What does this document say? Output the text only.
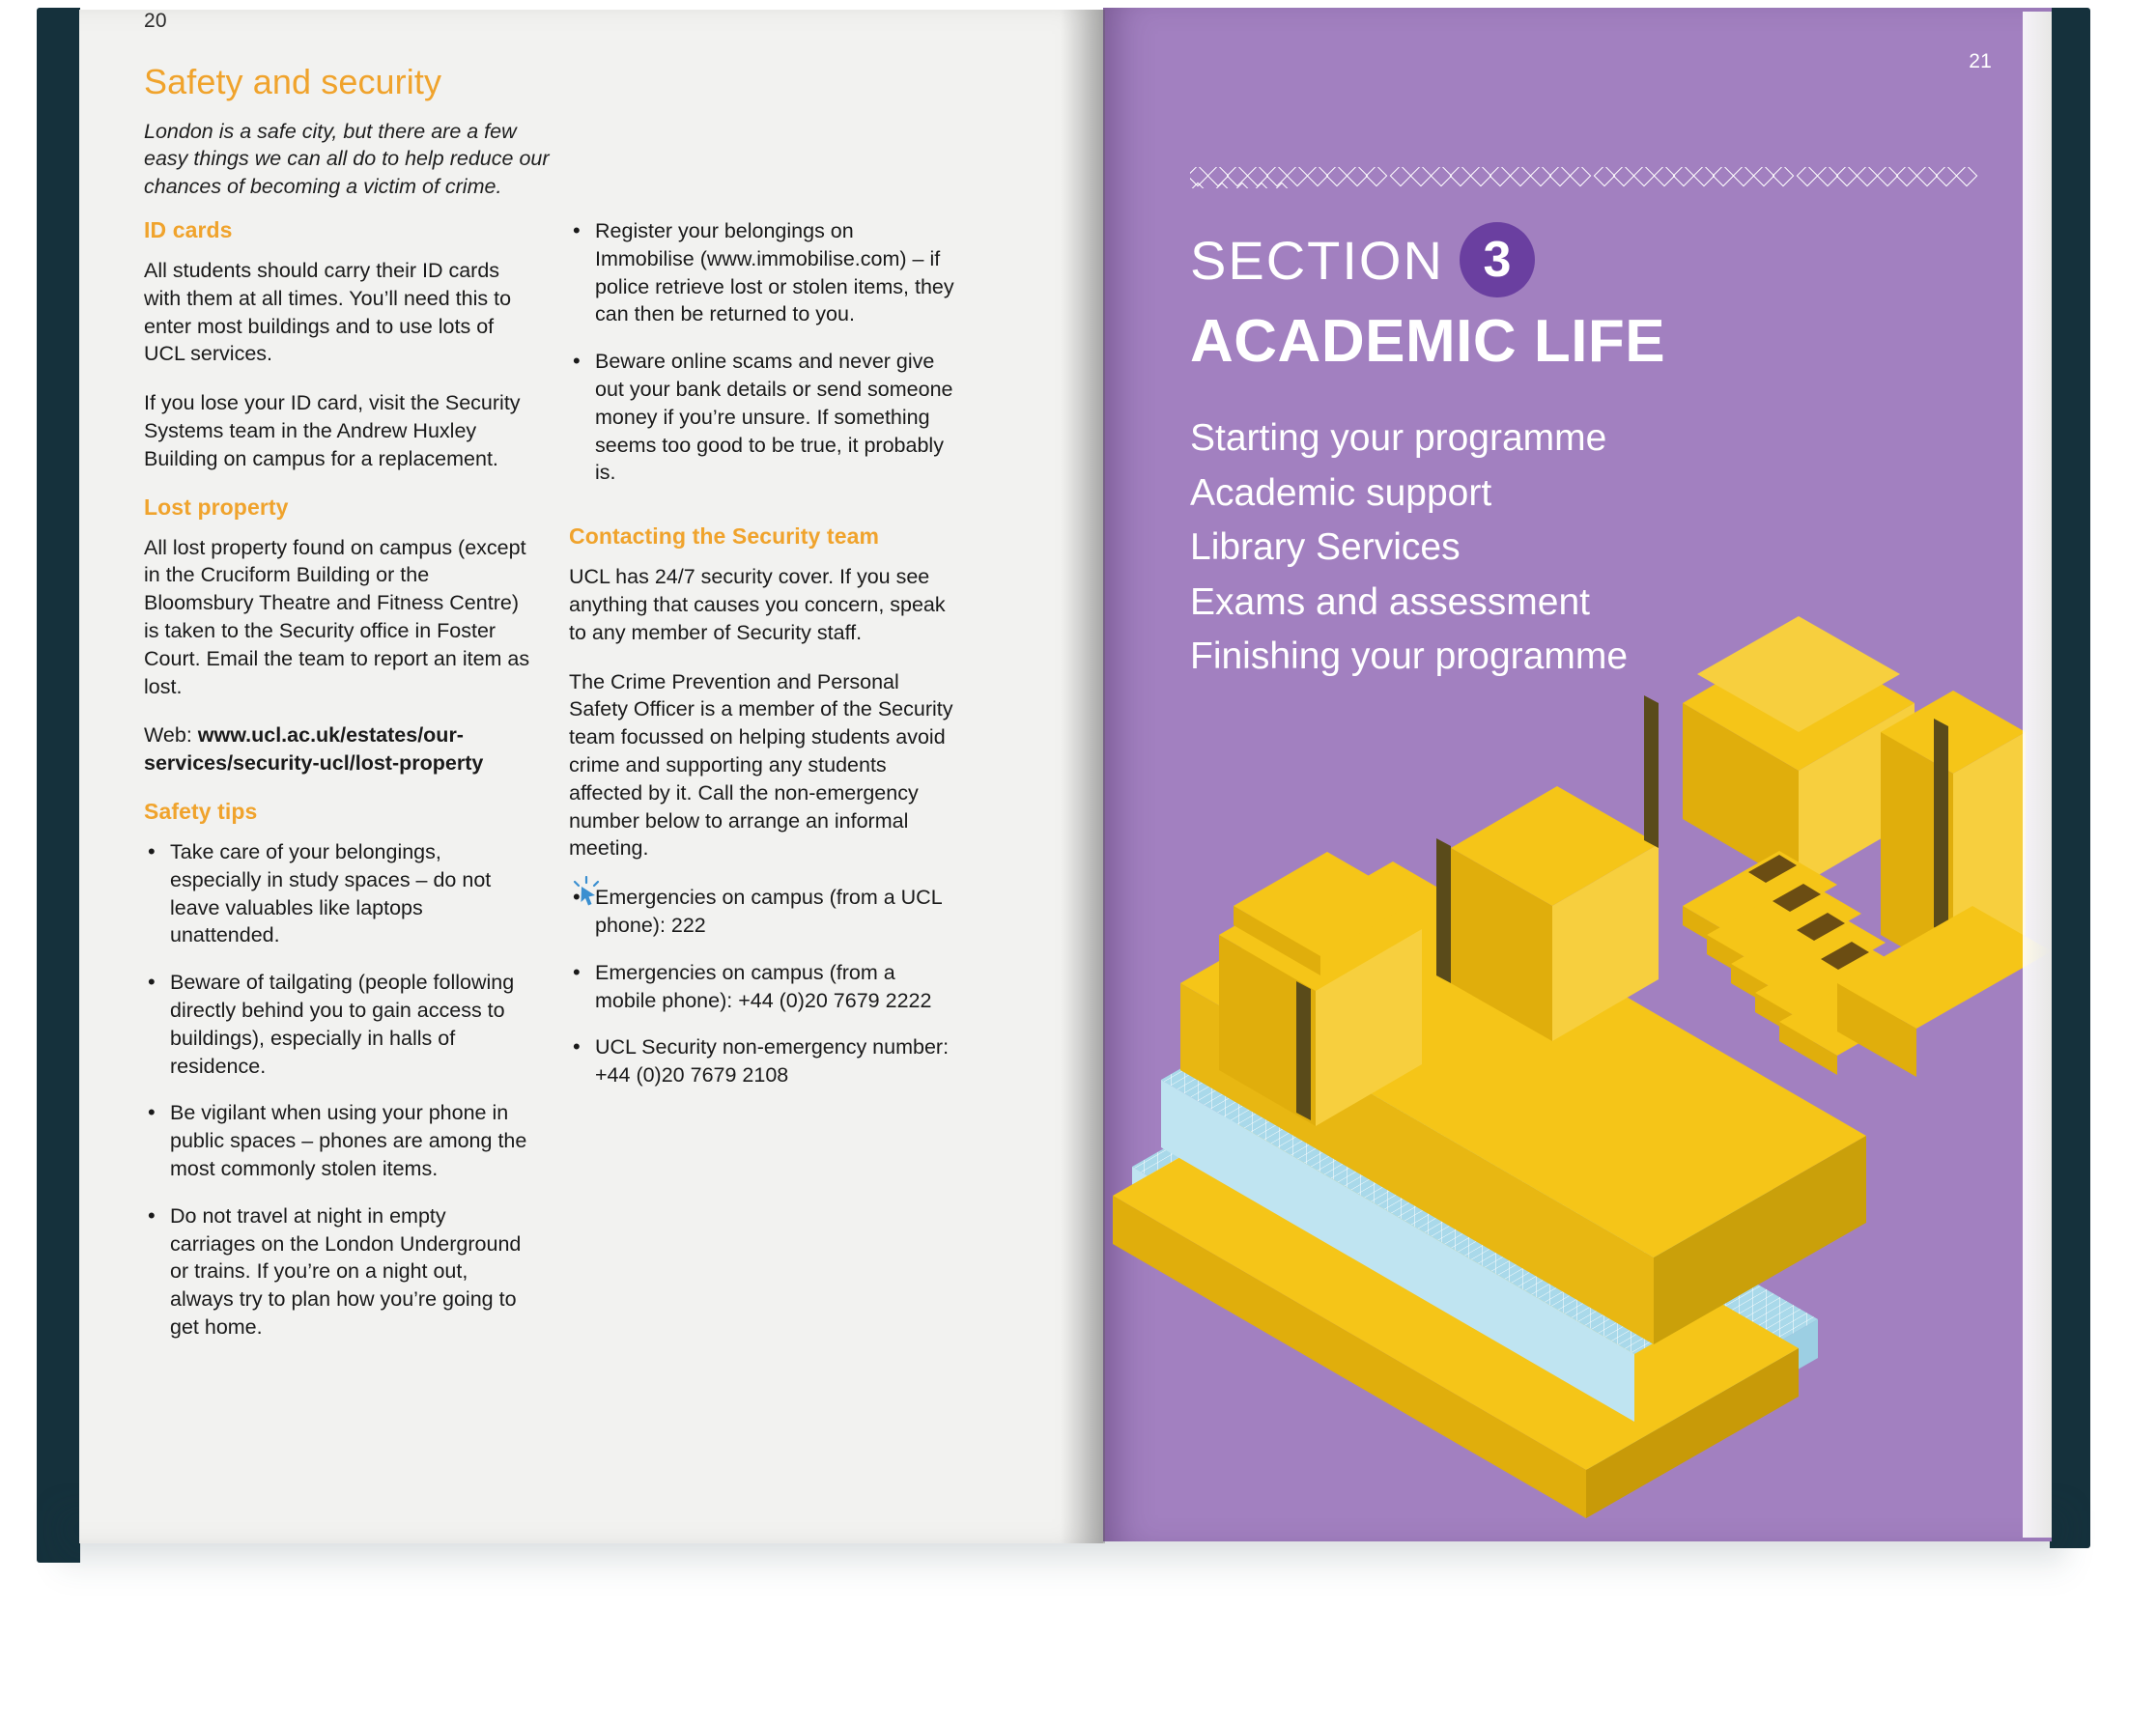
20
Safety and security

London is a safe city, but there are a few easy things we can all do to help reduce our chances of becoming a victim of crime.

ID cards

All students should carry their ID cards with them at all times. You’ll need this to enter most buildings and to use lots of UCL services.

If you lose your ID card, visit the Security Systems team in the Andrew Huxley Building on campus for a replacement.

Lost property

All lost property found on campus (except in the Cruciform Building or the Bloomsbury Theatre and Fitness Centre) is taken to the Security office in Foster Court. Email the team to report an item as lost.

Web: www.ucl.ac.uk/estates/our-services/security-ucl/lost-property

Safety tips
• Take care of your belongings, especially in study spaces – do not leave valuables like laptops unattended.
• Beware of tailgating (people following directly behind you to gain access to buildings), especially in halls of residence.
• Be vigilant when using your phone in public spaces – phones are among the most commonly stolen items.
• Do not travel at night in empty carriages on the London Underground or trains. If you’re on a night out, always try to plan how you’re going to get home.
• Register your belongings on Immobilise (www.immobilise.com) – if police retrieve lost or stolen items, they can then be returned to you.
• Beware online scams and never give out your bank details or send someone money if you’re unsure. If something seems too good to be true, it probably is.
Contacting the Security team

UCL has 24/7 security cover. If you see anything that causes you concern, speak to any member of Security staff.

The Crime Prevention and Personal Safety Officer is a member of the Security team focussed on helping students avoid crime and supporting any students affected by it. Call the non-emergency number below to arrange an informal meeting.

• Emergencies on campus (from a UCL phone): 222
• Emergencies on campus (from a mobile phone): +44 (0)20 7679 2222
• UCL Security non-emergency number: +44 (0)20 7679 2108
21

SECTION 3
ACADEMIC LIFE
Starting your programme
Academic support
Library Services
Exams and assessment
Finishing your programme
